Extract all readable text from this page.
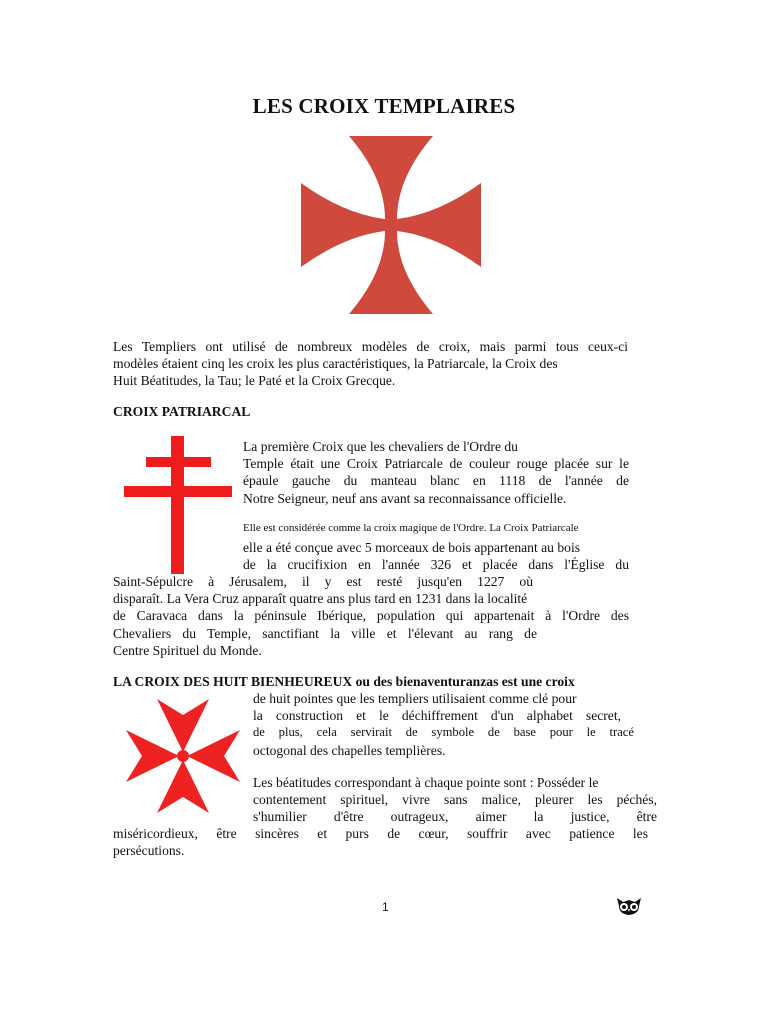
LES CROIX TEMPLAIRES
Les Templiers ont utilisé de nombreux modèles de croix, mais parmi tous ceux-ci
modèles étaient cinq les croix les plus caractéristiques, la Patriarcale, la Croix des
Huit Béatitudes, la Tau; le Paté et la Croix Grecque.
CROIX PATRIARCAL
La première Croix que les chevaliers de l'Ordre du
Temple était une Croix Patriarcale de couleur rouge placée sur le
épaule gauche du manteau blanc en 1118 de l'année de
Notre Seigneur, neuf ans avant sa reconnaissance officielle.
Elle est considérée comme la croix magique de l'Ordre. La Croix Patriarcale
elle a été conçue avec 5 morceaux de bois appartenant au bois
de la crucifixion en l'année 326 et placée dans l'Église du
Saint-Sépulcre à Jérusalem, il y est resté jusqu'en 1227 où
disparaît. La Vera Cruz apparaît quatre ans plus tard en 1231 dans la localité
de Caravaca dans la péninsule Ibérique, population qui appartenait à l'Ordre des
Chevaliers du Temple, sanctifiant la ville et l'élevant au rang de
Centre Spirituel du Monde.
LA CROIX DES HUIT BIENHEUREUX ou des bienaventuranzas est une croix
de huit pointes que les templiers utilisaient comme clé pour
la construction et le déchiffrement d'un alphabet secret,
de plus, cela servirait de symbole de base pour le tracé
octogonal des chapelles templières.
Les béatitudes correspondant à chaque pointe sont : Posséder le
contentement spirituel, vivre sans malice, pleurer les péchés,
s'humilier d'être outrageux, aimer la justice, être
miséricordieux, être sincères et purs de cœur, souffrir avec patience les
persécutions.
1
